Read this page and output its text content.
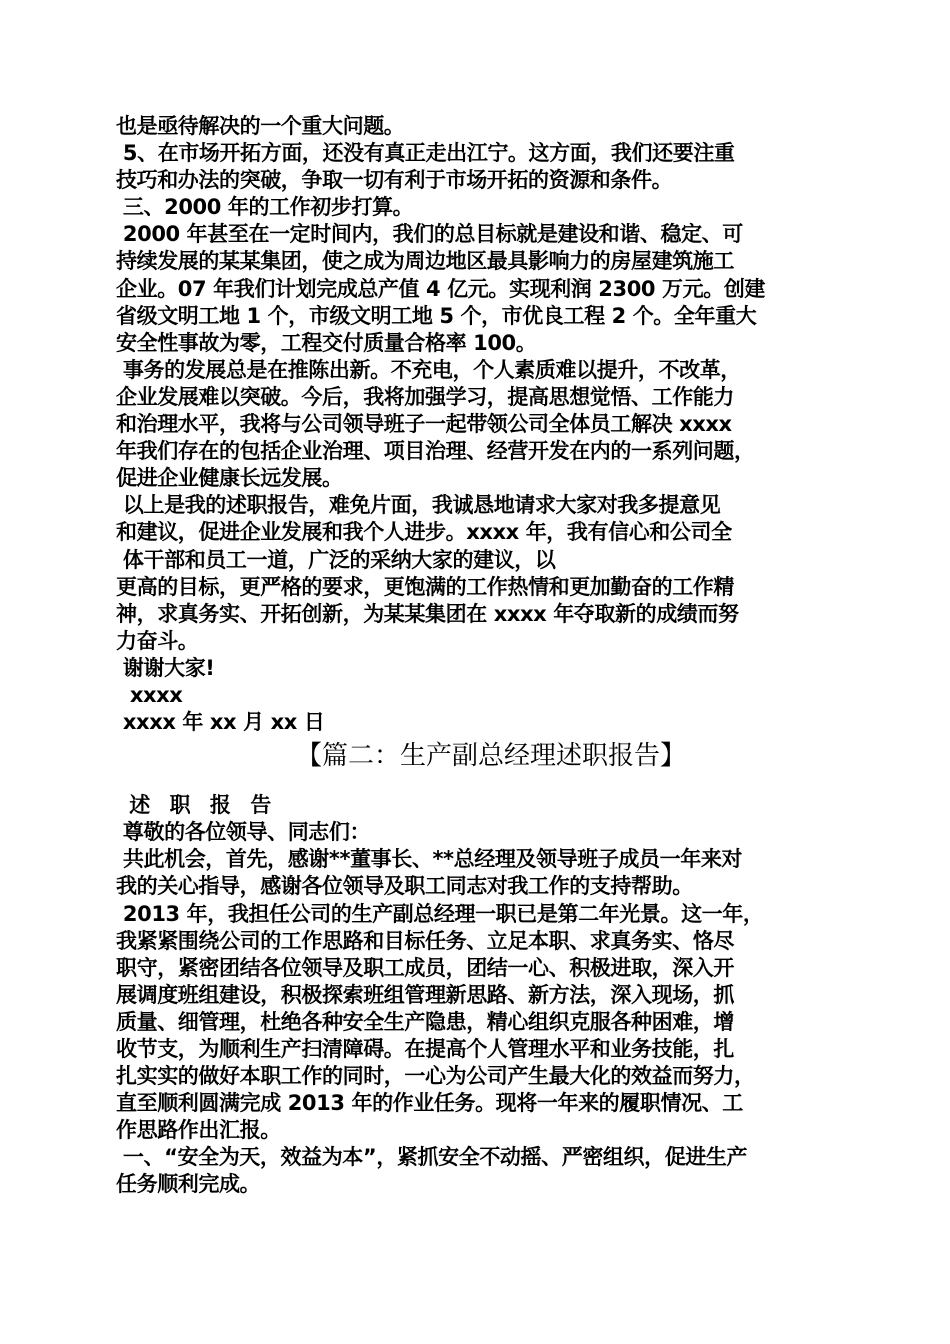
也是亟待解决的一个重大问题。
5、在市场开拓方面，还没有真正走出江宁。这方面，我们还要注重
技巧和办法的突破，争取一切有利于市场开拓的资源和条件。
三、2000 年的工作初步打算。
2000 年甚至在一定时间内，我们的总目标就是建设和谐、稳定、可
持续发展的某某集团，使之成为周边地区最具影响力的房屋建筑施工
企业。07 年我们计划完成总产值 4 亿元。实现利润 2300 万元。创建
省级文明工地 1 个，市级文明工地 5 个，市优良工程 2 个。全年重大
安全性事故为零，工程交付质量合格率 100。
事务的发展总是在推陈出新。不充电，个人素质难以提升，不改革，
企业发展难以突破。今后，我将加强学习，提高思想觉悟、工作能力
和治理水平，我将与公司领导班子一起带领公司全体员工解决 xxxx
年我们存在的包括企业治理、项目治理、经营开发在内的一系列问题，
促进企业健康长远发展。
以上是我的述职报告，难免片面，我诚恳地请求大家对我多提意见
和建议，促进企业发展和我个人进步。xxxx 年，我有信心和公司全
体干部和员工一道，广泛的采纳大家的建议，以
更高的目标，更严格的要求，更饱满的工作热情和更加勤奋的工作精
神，求真务实、开拓创新，为某某集团在 xxxx 年夺取新的成绩而努
力奋斗。
谢谢大家!
xxxx
xxxx 年 xx 月 xx 日
【篇二：生产副总经理述职报告】
述 职 报 告
尊敬的各位领导、同志们：
共此机会，首先，感谢**董事长、**总经理及领导班子成员一年来对
我的关心指导，感谢各位领导及职工同志对我工作的支持帮助。
2013 年，我担任公司的生产副总经理一职已是第二年光景。这一年，
我紧紧围绕公司的工作思路和目标任务、立足本职、求真务实、恪尽
职守，紧密团结各位领导及职工成员，团结一心、积极进取，深入开
展调度班组建设，积极探索班组管理新思路、新方法，深入现场，抓
质量、细管理，杜绝各种安全生产隐患，精心组织克服各种困难，增
收节支，为顺利生产扫清障碍。在提高个人管理水平和业务技能，扎
扎实实的做好本职工作的同时，一心为公司产生最大化的效益而努力，
直至顺利圆满完成 2013 年的作业任务。现将一年来的履职情况、工
作思路作出汇报。
一、“安全为天，效益为本”，紧抓安全不动摇、严密组织，促进生产
任务顺利完成。
